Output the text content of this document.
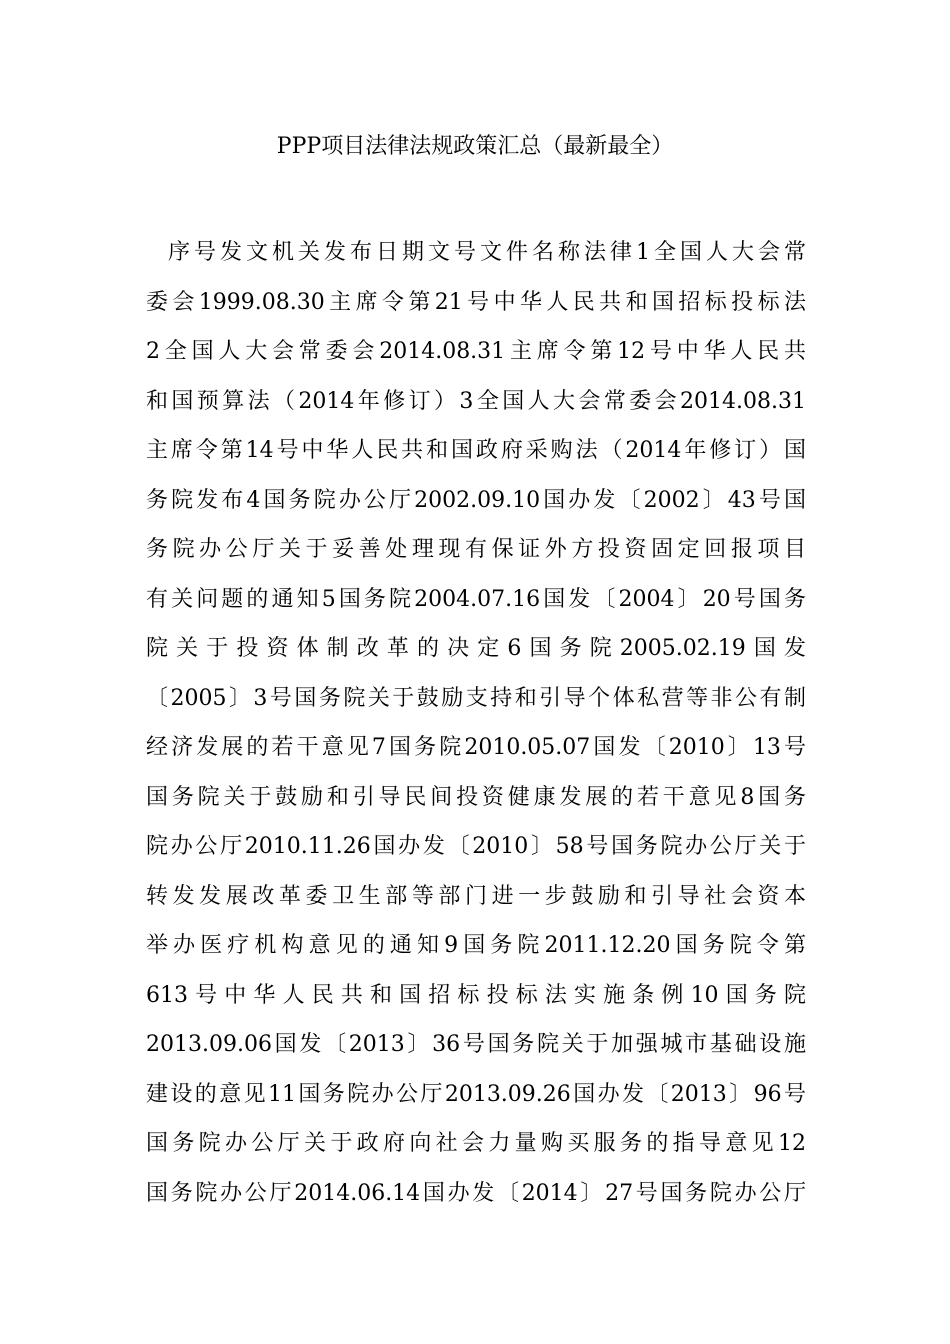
PPP项目法律法规政策汇总（最新最全）
序号发文机关发布日期文号文件名称法律1全国人大会常
委会1999.08.30主席令第21号中华人民共和国招标投标法
2全国人大会常委会2014.08.31主席令第12号中华人民共
和国预算法（2014年修订）3全国人大会常委会2014.08.31
主席令第14号中华人民共和国政府采购法（2014年修订）国
务院发布4国务院办公厅2002.09.10国办发〔2002〕43号国
务院办公厅关于妥善处理现有保证外方投资固定回报项目
有关问题的通知5国务院2004.07.16国发〔2004〕20号国务
院关于投资体制改革的决定6国务院2005.02.19国发
〔2005〕3号国务院关于鼓励支持和引导个体私营等非公有制
经济发展的若干意见7国务院2010.05.07国发〔2010〕13号
国务院关于鼓励和引导民间投资健康发展的若干意见8国务
院办公厅2010.11.26国办发〔2010〕58号国务院办公厅关于
转发发展改革委卫生部等部门进一步鼓励和引导社会资本
举办医疗机构意见的通知9国务院2011.12.20国务院令第
613号中华人民共和国招标投标法实施条例10国务院
2013.09.06国发〔2013〕36号国务院关于加强城市基础设施
建设的意见11国务院办公厅2013.09.26国办发〔2013〕96号
国务院办公厅关于政府向社会力量购买服务的指导意见12
国务院办公厅2014.06.14国办发〔2014〕27号国务院办公厅
